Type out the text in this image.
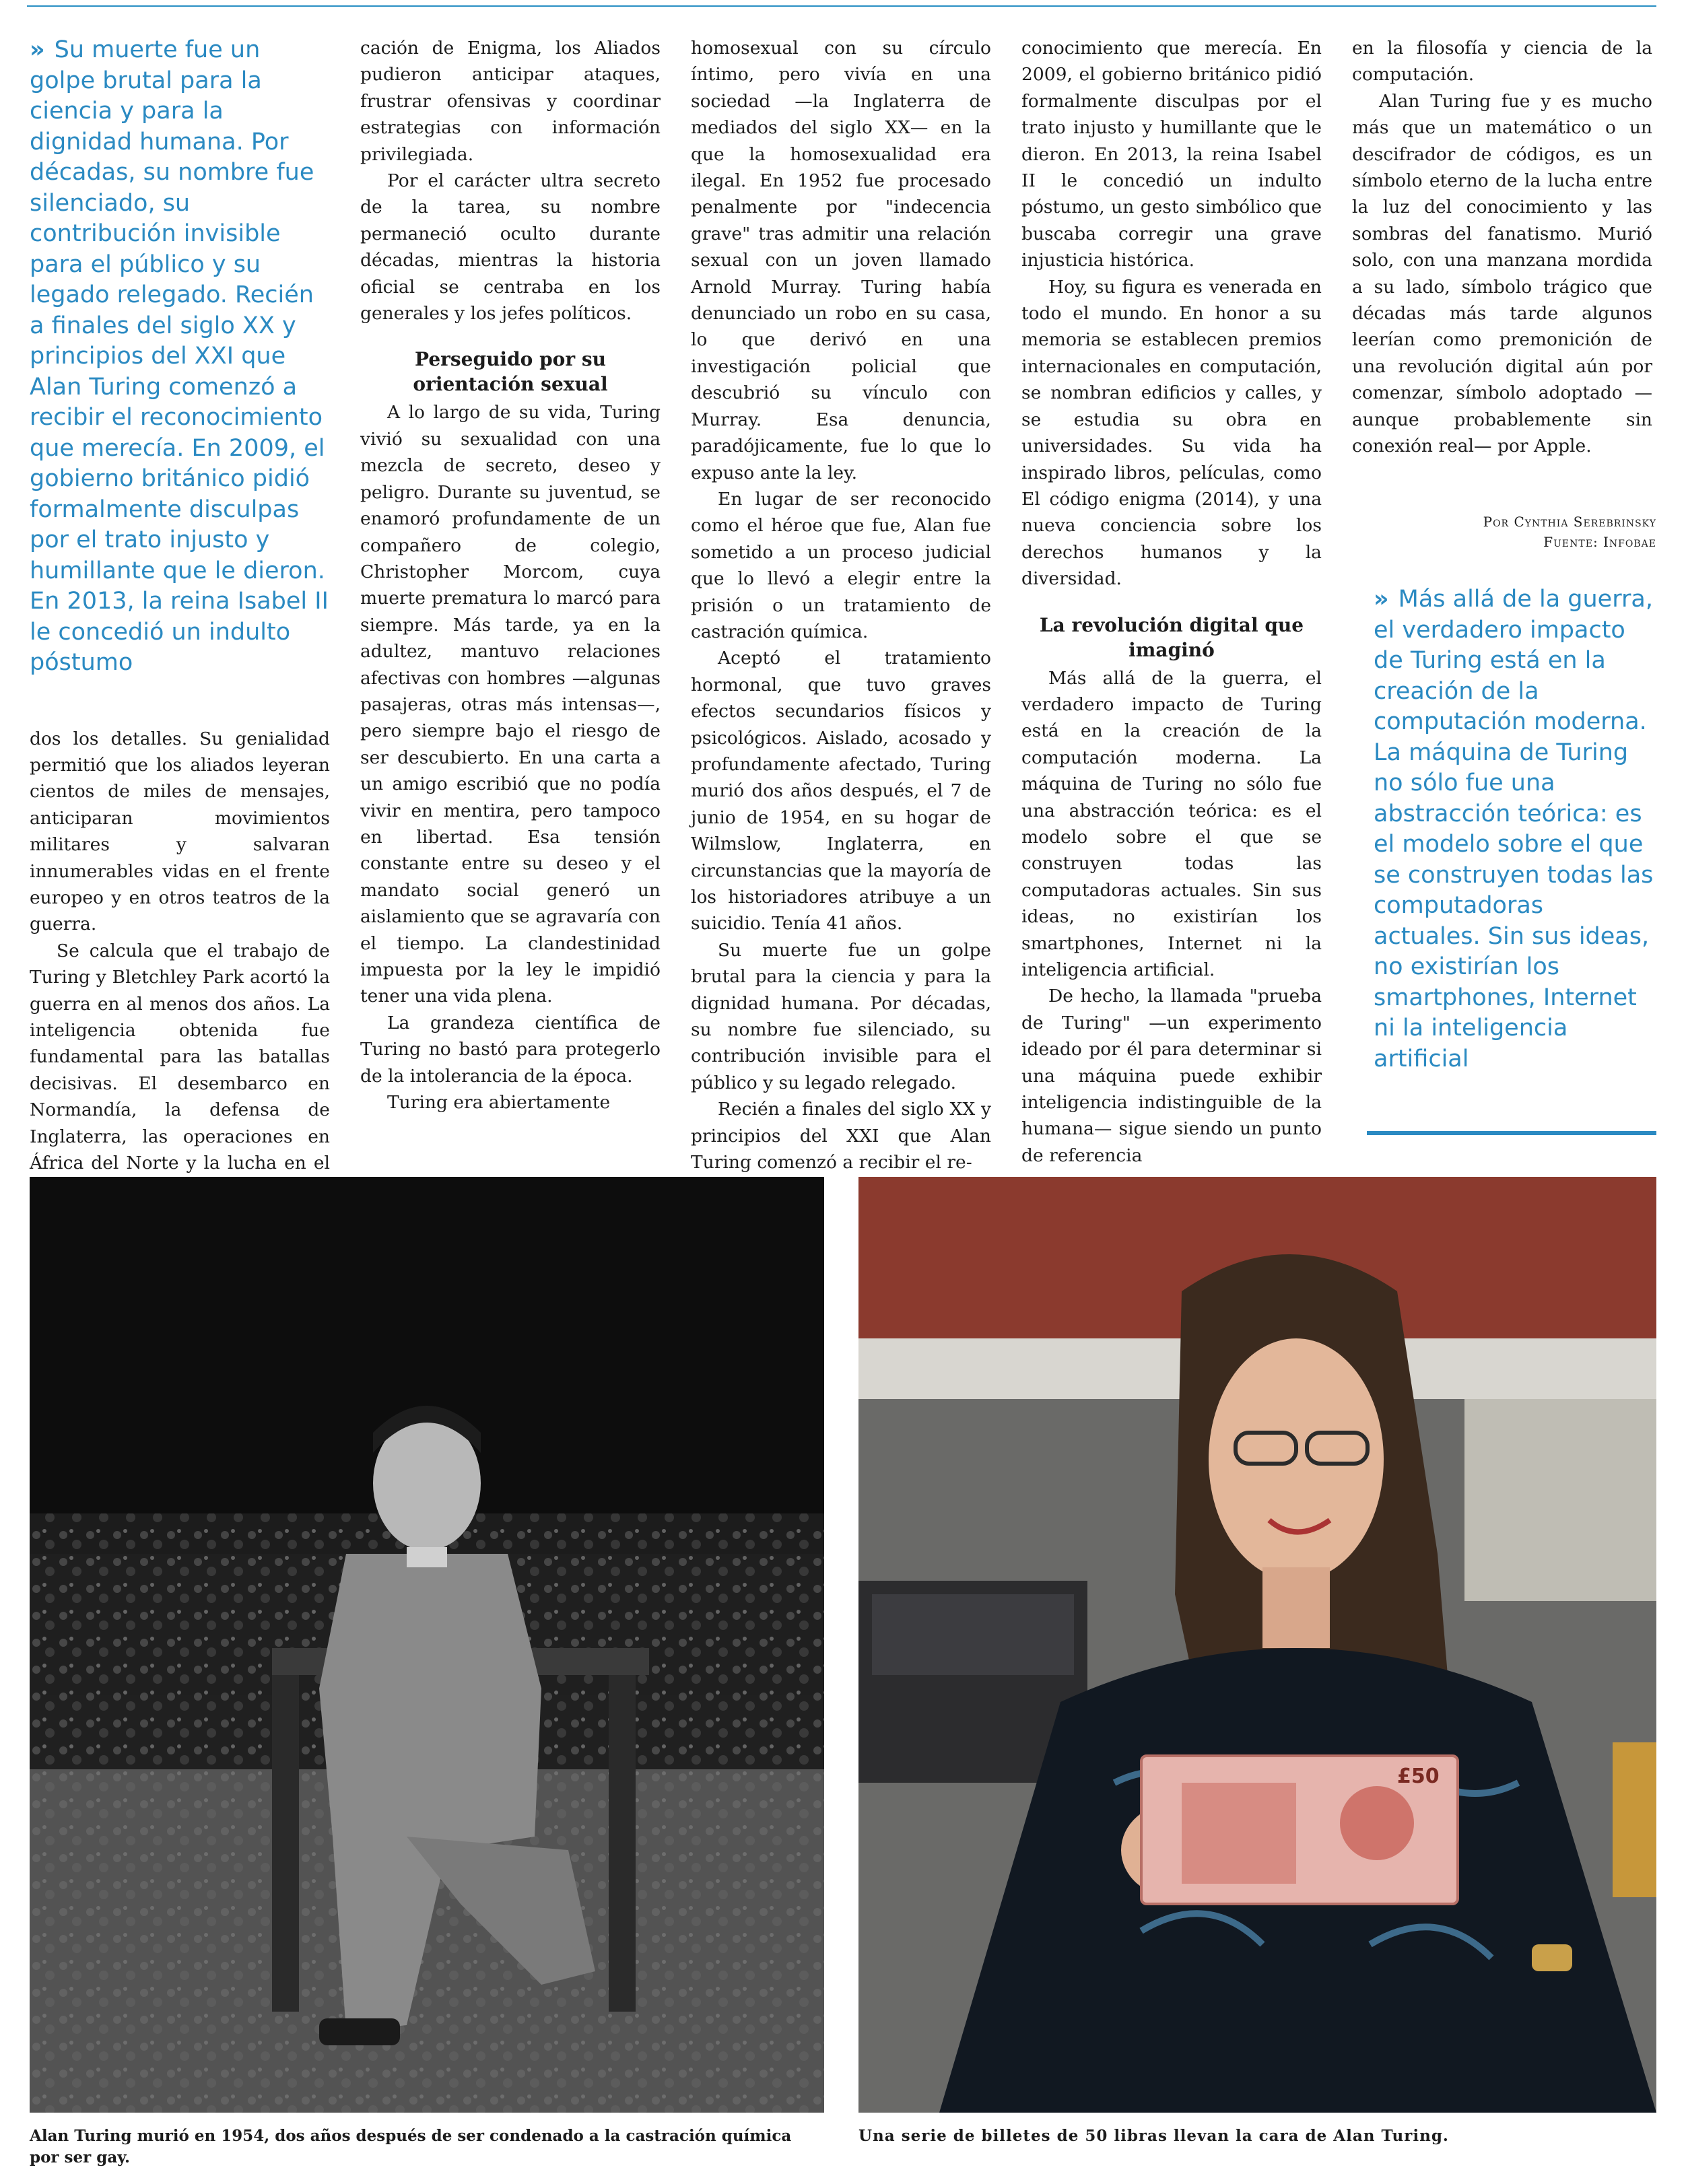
» Su muerte fue un golpe brutal para la ciencia y para la dignidad humana. Por décadas, su nombre fue silenciado, su contribución invisible para el público y su legado relegado. Recién a finales del siglo XX y principios del XXI que Alan Turing comenzó a recibir el reconocimiento que merecía. En 2009, el gobierno británico pidió formalmente disculpas por el trato injusto y humillante que le dieron. En 2013, la reina Isabel II le concedió un indulto póstumo

dos los detalles. Su genialidad permitió que los aliados leyeran cientos de miles de mensajes, anticiparan movimientos militares y salvaran innumerables vidas en el frente europeo y en otros teatros de la guerra.

Se calcula que el trabajo de Turing y Bletchley Park acortó la guerra en al menos dos años. La inteligencia obtenida fue fundamental para las batallas decisivas. El desembarco en Normandía, la defensa de Inglaterra, las operaciones en África del Norte y la lucha en el

cación de Enigma, los Aliados pudieron anticipar ataques, frustrar ofensivas y coordinar estrategias con información privilegiada.

Por el carácter ultra secreto de la tarea, su nombre permaneció oculto durante décadas, mientras la historia oficial se centraba en los generales y los jefes políticos.

Perseguido por su orientación sexual

A lo largo de su vida, Turing vivió su sexualidad con una mezcla de secreto, deseo y peligro. Durante su juventud, se enamoró profundamente de un compañero de colegio, Christopher Morcom, cuya muerte prematura lo marcó para siempre. Más tarde, ya en la adultez, mantuvo relaciones afectivas con hombres —algunas pasajeras, otras más intensas—, pero siempre bajo el riesgo de ser descubierto. En una carta a un amigo escribió que no podía vivir en mentira, pero tampoco en libertad. Esa tensión constante entre su deseo y el mandato social generó un aislamiento que se agravaría con el tiempo. La clandestinidad impuesta por la ley le impidió tener una vida plena.

La grandeza científica de Turing no bastó para protegerlo de la intolerancia de la época.

Turing era abiertamente

homosexual con su círculo íntimo, pero vivía en una sociedad —la Inglaterra de mediados del siglo XX— en la que la homosexualidad era ilegal. En 1952 fue procesado penalmente por "indecencia grave" tras admitir una relación sexual con un joven llamado Arnold Murray. Turing había denunciado un robo en su casa, lo que derivó en una investigación policial que descubrió su vínculo con Murray. Esa denuncia, paradójicamente, fue lo que lo expuso ante la ley.

En lugar de ser reconocido como el héroe que fue, Alan fue sometido a un proceso judicial que lo llevó a elegir entre la prisión o un tratamiento de castración química.

Aceptó el tratamiento hormonal, que tuvo graves efectos secundarios físicos y psicológicos. Aislado, acosado y profundamente afectado, Turing murió dos años después, el 7 de junio de 1954, en su hogar de Wilmslow, Inglaterra, en circunstancias que la mayoría de los historiadores atribuye a un suicidio. Tenía 41 años.

Su muerte fue un golpe brutal para la ciencia y para la dignidad humana. Por décadas, su nombre fue silenciado, su contribución invisible para el público y su legado relegado.

Recién a finales del siglo XX y principios del XXI que Alan Turing comenzó a recibir el re-

conocimiento que merecía. En 2009, el gobierno británico pidió formalmente disculpas por el trato injusto y humillante que le dieron. En 2013, la reina Isabel II le concedió un indulto póstumo, un gesto simbólico que buscaba corregir una grave injusticia histórica.

Hoy, su figura es venerada en todo el mundo. En honor a su memoria se establecen premios internacionales en computación, se nombran edificios y calles, y se estudia su obra en universidades. Su vida ha inspirado libros, películas, como El código enigma (2014), y una nueva conciencia sobre los derechos humanos y la diversidad.

La revolución digital que imaginó

Más allá de la guerra, el verdadero impacto de Turing está en la creación de la computación moderna. La máquina de Turing no sólo fue una abstracción teórica: es el modelo sobre el que se construyen todas las computadoras actuales. Sin sus ideas, no existirían los smartphones, Internet ni la inteligencia artificial.

De hecho, la llamada "prueba de Turing" —un experimento ideado por él para determinar si una máquina puede exhibir inteligencia indistinguible de la humana— sigue siendo un punto de referencia

en la filosofía y ciencia de la computación.

Alan Turing fue y es mucho más que un matemático o un descifrador de códigos, es un símbolo eterno de la lucha entre la luz del conocimiento y las sombras del fanatismo. Murió solo, con una manzana mordida a su lado, símbolo trágico que décadas más tarde algunos leerían como premonición de una revolución digital aún por comenzar, símbolo adoptado —aunque probablemente sin conexión real— por Apple.

Por Cynthia Serebrinsky
Fuente: Infobae
» Más allá de la guerra, el verdadero impacto de Turing está en la creación de la computación moderna. La máquina de Turing no sólo fue una abstracción teórica: es el modelo sobre el que se construyen todas las computadoras actuales. Sin sus ideas, no existirían los smartphones, Internet ni la inteligencia artificial
£50
Alan Turing murió en 1954, dos años después de ser condenado a la castración química por ser gay.
Una serie de billetes de 50 libras llevan la cara de Alan Turing.
